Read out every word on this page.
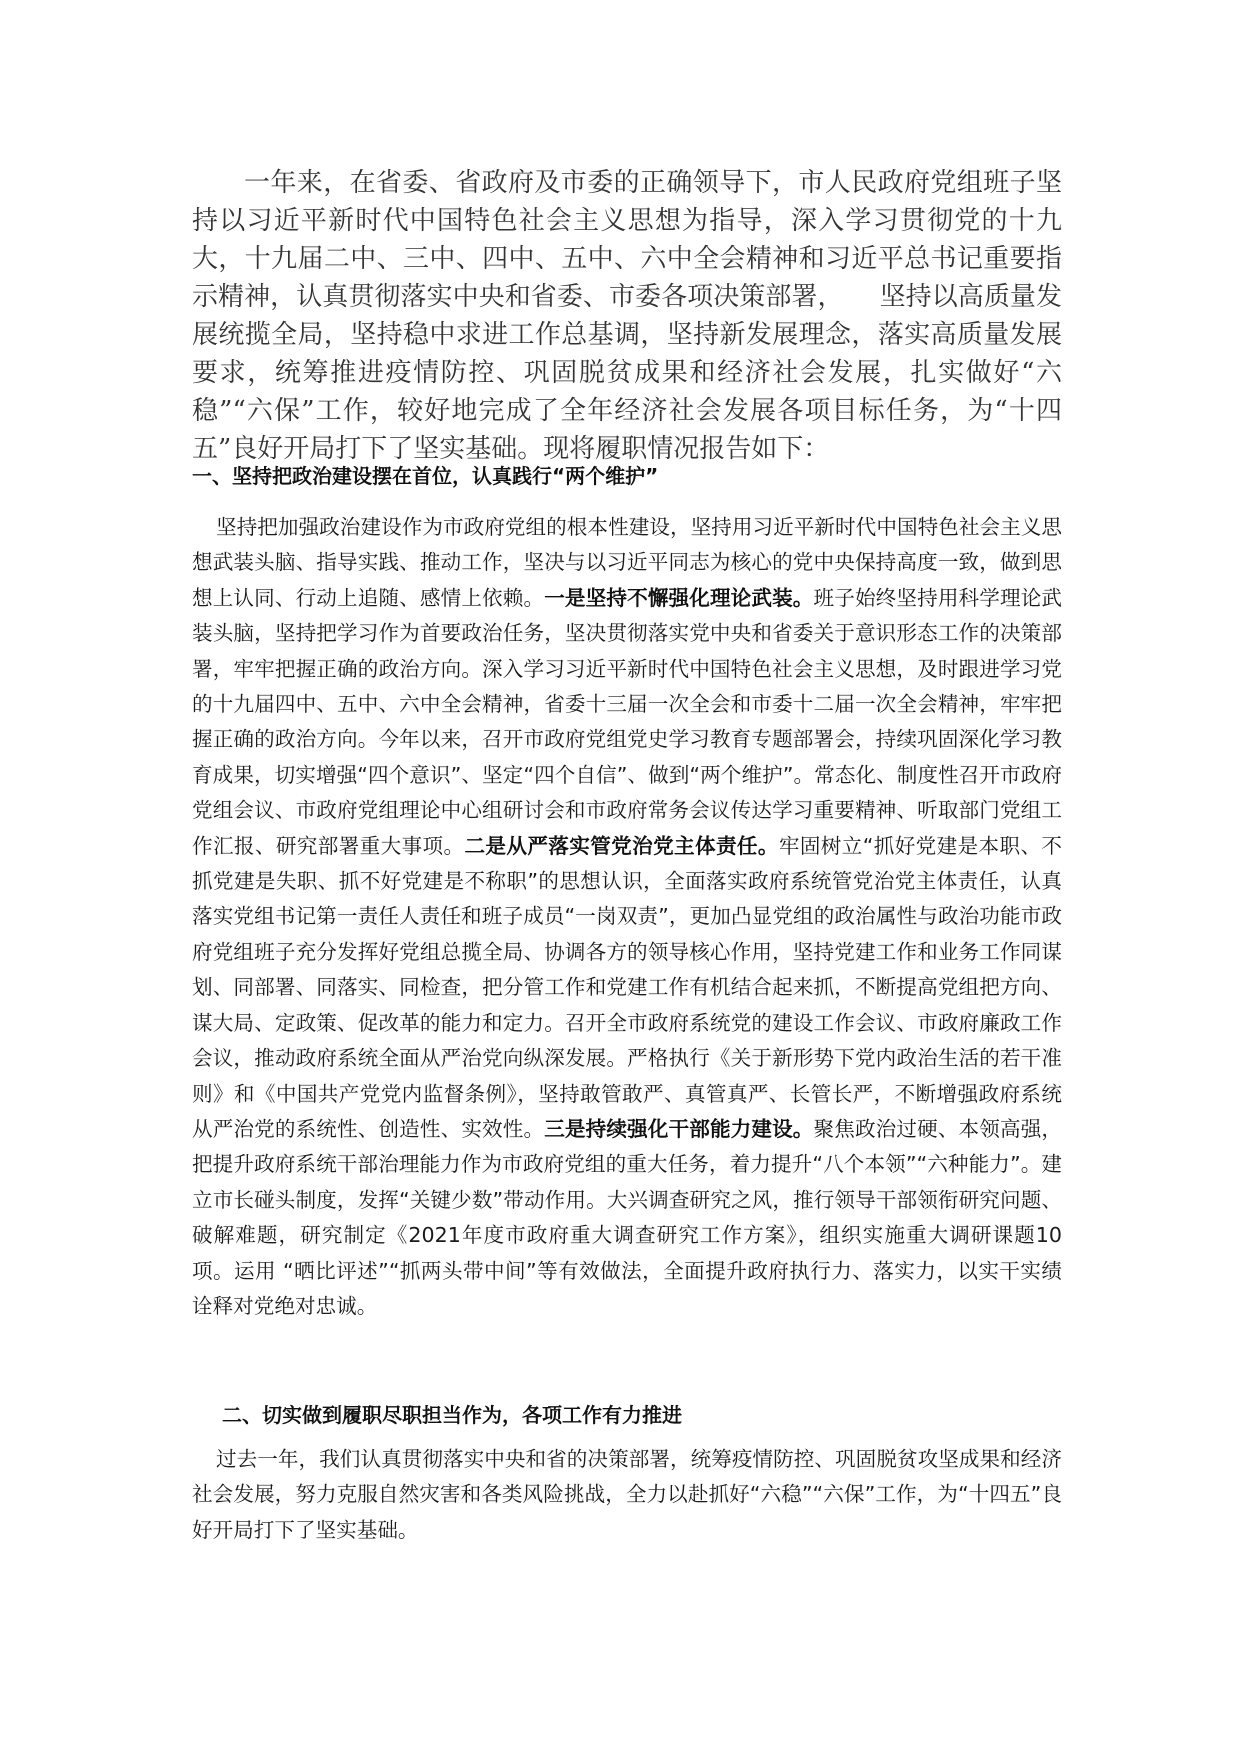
一年来，在省委、省政府及市委的正确领导下，市人民政府党组班子坚持以习近平新时代中国特色社会主义思想为指导，深入学习贯彻党的十九大，十九届二中、三中、四中、五中、六中全会精神和习近平总书记重要指示精神，认真贯彻落实中央和省委、市委各项决策部署， 坚持以高质量发展统揽全局，坚持稳中求进工作总基调，坚持新发展理念，落实高质量发展要求，统筹推进疫情防控、巩固脱贫成果和经济社会发展，扎实做好“六稳”“六保”工作，较好地完成了全年经济社会发展各项目标任务，为“十四五”良好开局打下了坚实基础。现将履职情况报告如下：

一、坚持把政治建设摆在首位，认真践行“两个维护”

坚持把加强政治建设作为市政府党组的根本性建设，坚持用习近平新时代中国特色社会主义思想武装头脑、指导实践、推动工作，坚决与以习近平同志为核心的党中央保持高度一致，做到思想上认同、行动上追随、感情上依赖。一是坚持不懈强化理论武装。班子始终坚持用科学理论武装头脑，坚持把学习作为首要政治任务，坚决贯彻落实党中央和省委关于意识形态工作的决策部署，牢牢把握正确的政治方向。深入学习习近平新时代中国特色社会主义思想，及时跟进学习党的十九届四中、五中、六中全会精神，省委十三届一次全会和市委十二届一次全会精神，牢牢把握正确的政治方向。今年以来，召开市政府党组党史学习教育专题部署会，持续巩固深化学习教育成果，切实增强“四个意识”、坚定“四个自信”、做到“两个维护”。常态化、制度性召开市政府党组会议、市政府党组理论中心组研讨会和市政府常务会议传达学习重要精神、听取部门党组工作汇报、研究部署重大事项。二是从严落实管党治党主体责任。牢固树立“抓好党建是本职、不抓党建是失职、抓不好党建是不称职”的思想认识，全面落实政府系统管党治党主体责任，认真落实党组书记第一责任人责任和班子成员“一岗双责”，更加凸显党组的政治属性与政治功能市政府党组班子充分发挥好党组总揽全局、协调各方的领导核心作用，坚持党建工作和业务工作同谋划、同部署、同落实、同检查，把分管工作和党建工作有机结合起来抓，不断提高党组把方向、谋大局、定政策、促改革的能力和定力。召开全市政府系统党的建设工作会议、市政府廉政工作会议，推动政府系统全面从严治党向纵深发展。严格执行《关于新形势下党内政治生活的若干准则》和《中国共产党党内监督条例》，坚持敢管敢严、真管真严、长管长严，不断增强政府系统从严治党的系统性、创造性、实效性。三是持续强化干部能力建设。聚焦政治过硬、本领高强，把提升政府系统干部治理能力作为市政府党组的重大任务，着力提升“八个本领”“六种能力”。建立市长碰头制度，发挥“关键少数”带动作用。大兴调查研究之风，推行领导干部领衔研究问题、破解难题，研究制定《2021年度市政府重大调查研究工作方案》，组织实施重大调研课题10项。运用 “晒比评述”“抓两头带中间”等有效做法，全面提升政府执行力、落实力，以实干实绩诠释对党绝对忠诚。

二、切实做到履职尽职担当作为，各项工作有力推进

过去一年，我们认真贯彻落实中央和省的决策部署，统筹疫情防控、巩固脱贫攻坚成果和经济社会发展，努力克服自然灾害和各类风险挑战，全力以赴抓好“六稳”“六保”工作，为“十四五”良好开局打下了坚实基础。
